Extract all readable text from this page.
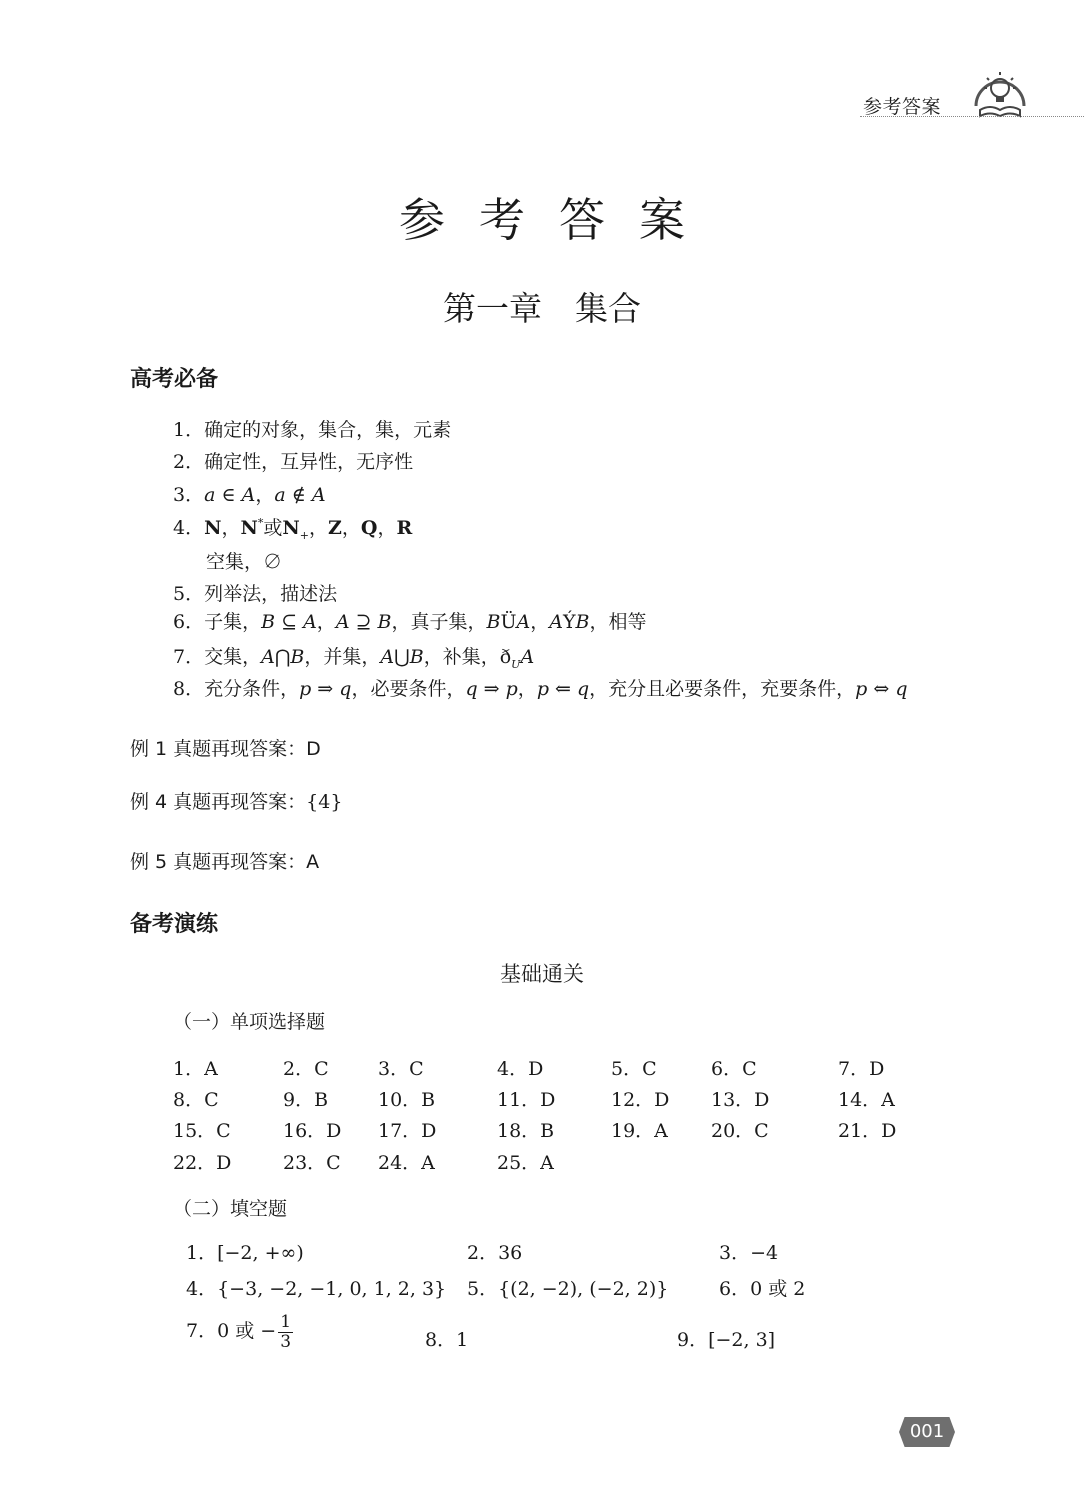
参考答案
参考答案
第一章　集合
高考必备
1．确定的对象，集合，集，元素
2．确定性，互异性，无序性
3．a ∈ A，a ∉ A
4．N，N*或$N_+$，Z，Q，R
空集，∅
5．列举法，描述法
6．子集，B ⊆ A，A ⊇ B，真子集，BÜA，AÝB，相等
7．交集，A⋂B，并集，A⋃B，补集，$ð_UA$
8．充分条件，p ⇒ q，必要条件，q ⇒ p，p ⇐ q，充分且必要条件，充要条件，p ⇔ q
例 1 真题再现答案：D
例 4 真题再现答案：{4}
例 5 真题再现答案：A
备考演练
基础通关
（一）单项选择题
1．A	2．C	3．C	4．D	5．C	6．C	7．D
8．C	9．B	10．B	11．D	12．D 13．D	14．A
15．C	16．D 17．D	18．B	19．A 20．C	21．D
22．D	23．C 24．A	25．A
（二）填空题
1．[−2, +∞)	2．36	3．−4
4．{−3, −2, −1, 0, 1, 2, 3} 5．{(2, −2), (−2, 2)}	6．0 或 2
7．0 或 − $\frac{1}{3}$	8．1	9．[−2, 3]
001
